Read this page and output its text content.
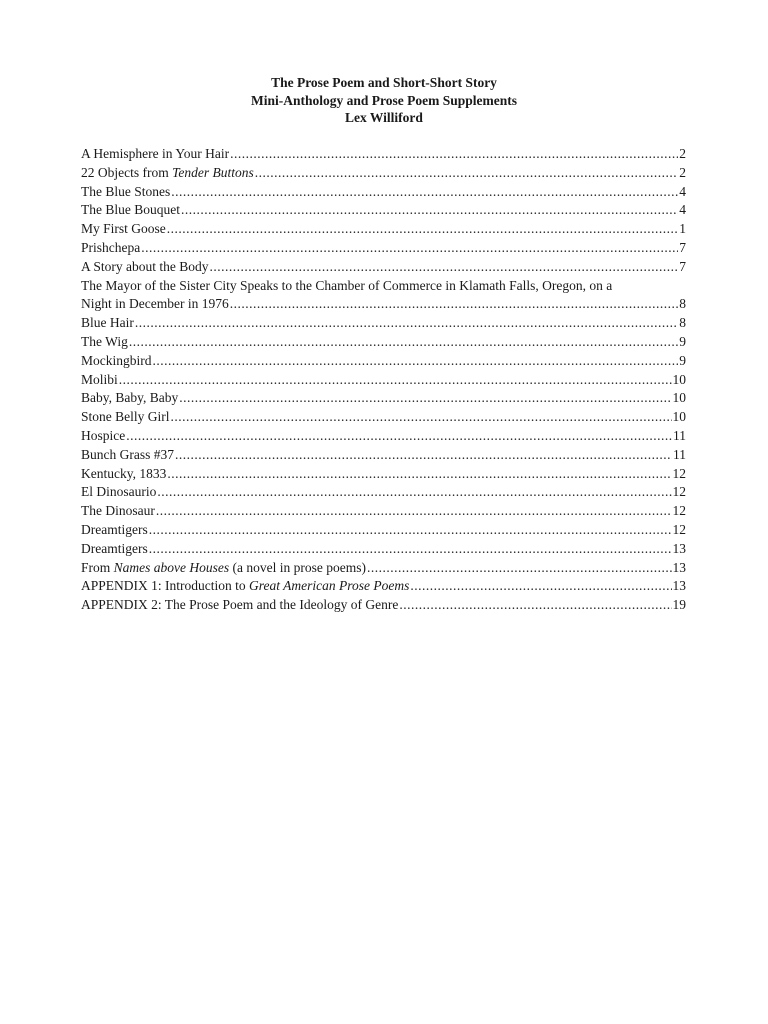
The Prose Poem and Short-Short Story
Mini-Anthology and Prose Poem Supplements
Lex Williford
A Hemisphere in Your Hair .....	2
22 Objects from Tender Buttons .....	2
The Blue Stones .....	4
The Blue Bouquet .....	4
My First Goose .....	1
Prishchepa .....	7
A Story about the Body .....	7
The Mayor of the Sister City Speaks to the Chamber of Commerce in Klamath Falls, Oregon, on a
Night in December in 1976 .....	8
Blue Hair .....	8
The Wig .....	9
Mockingbird .....	9
Molibi .....	10
Baby, Baby, Baby .....	10
Stone Belly Girl .....	10
Hospice .....	11
Bunch Grass #37 .....	11
Kentucky, 1833 .....	12
El Dinosaurio .....	12
The Dinosaur .....	12
Dreamtigers .....	12
Dreamtigers .....	13
From Names above Houses (a novel in prose poems) .....	13
APPENDIX 1: Introduction to Great American Prose Poems .....	13
APPENDIX 2: The Prose Poem and the Ideology of Genre .....	19
